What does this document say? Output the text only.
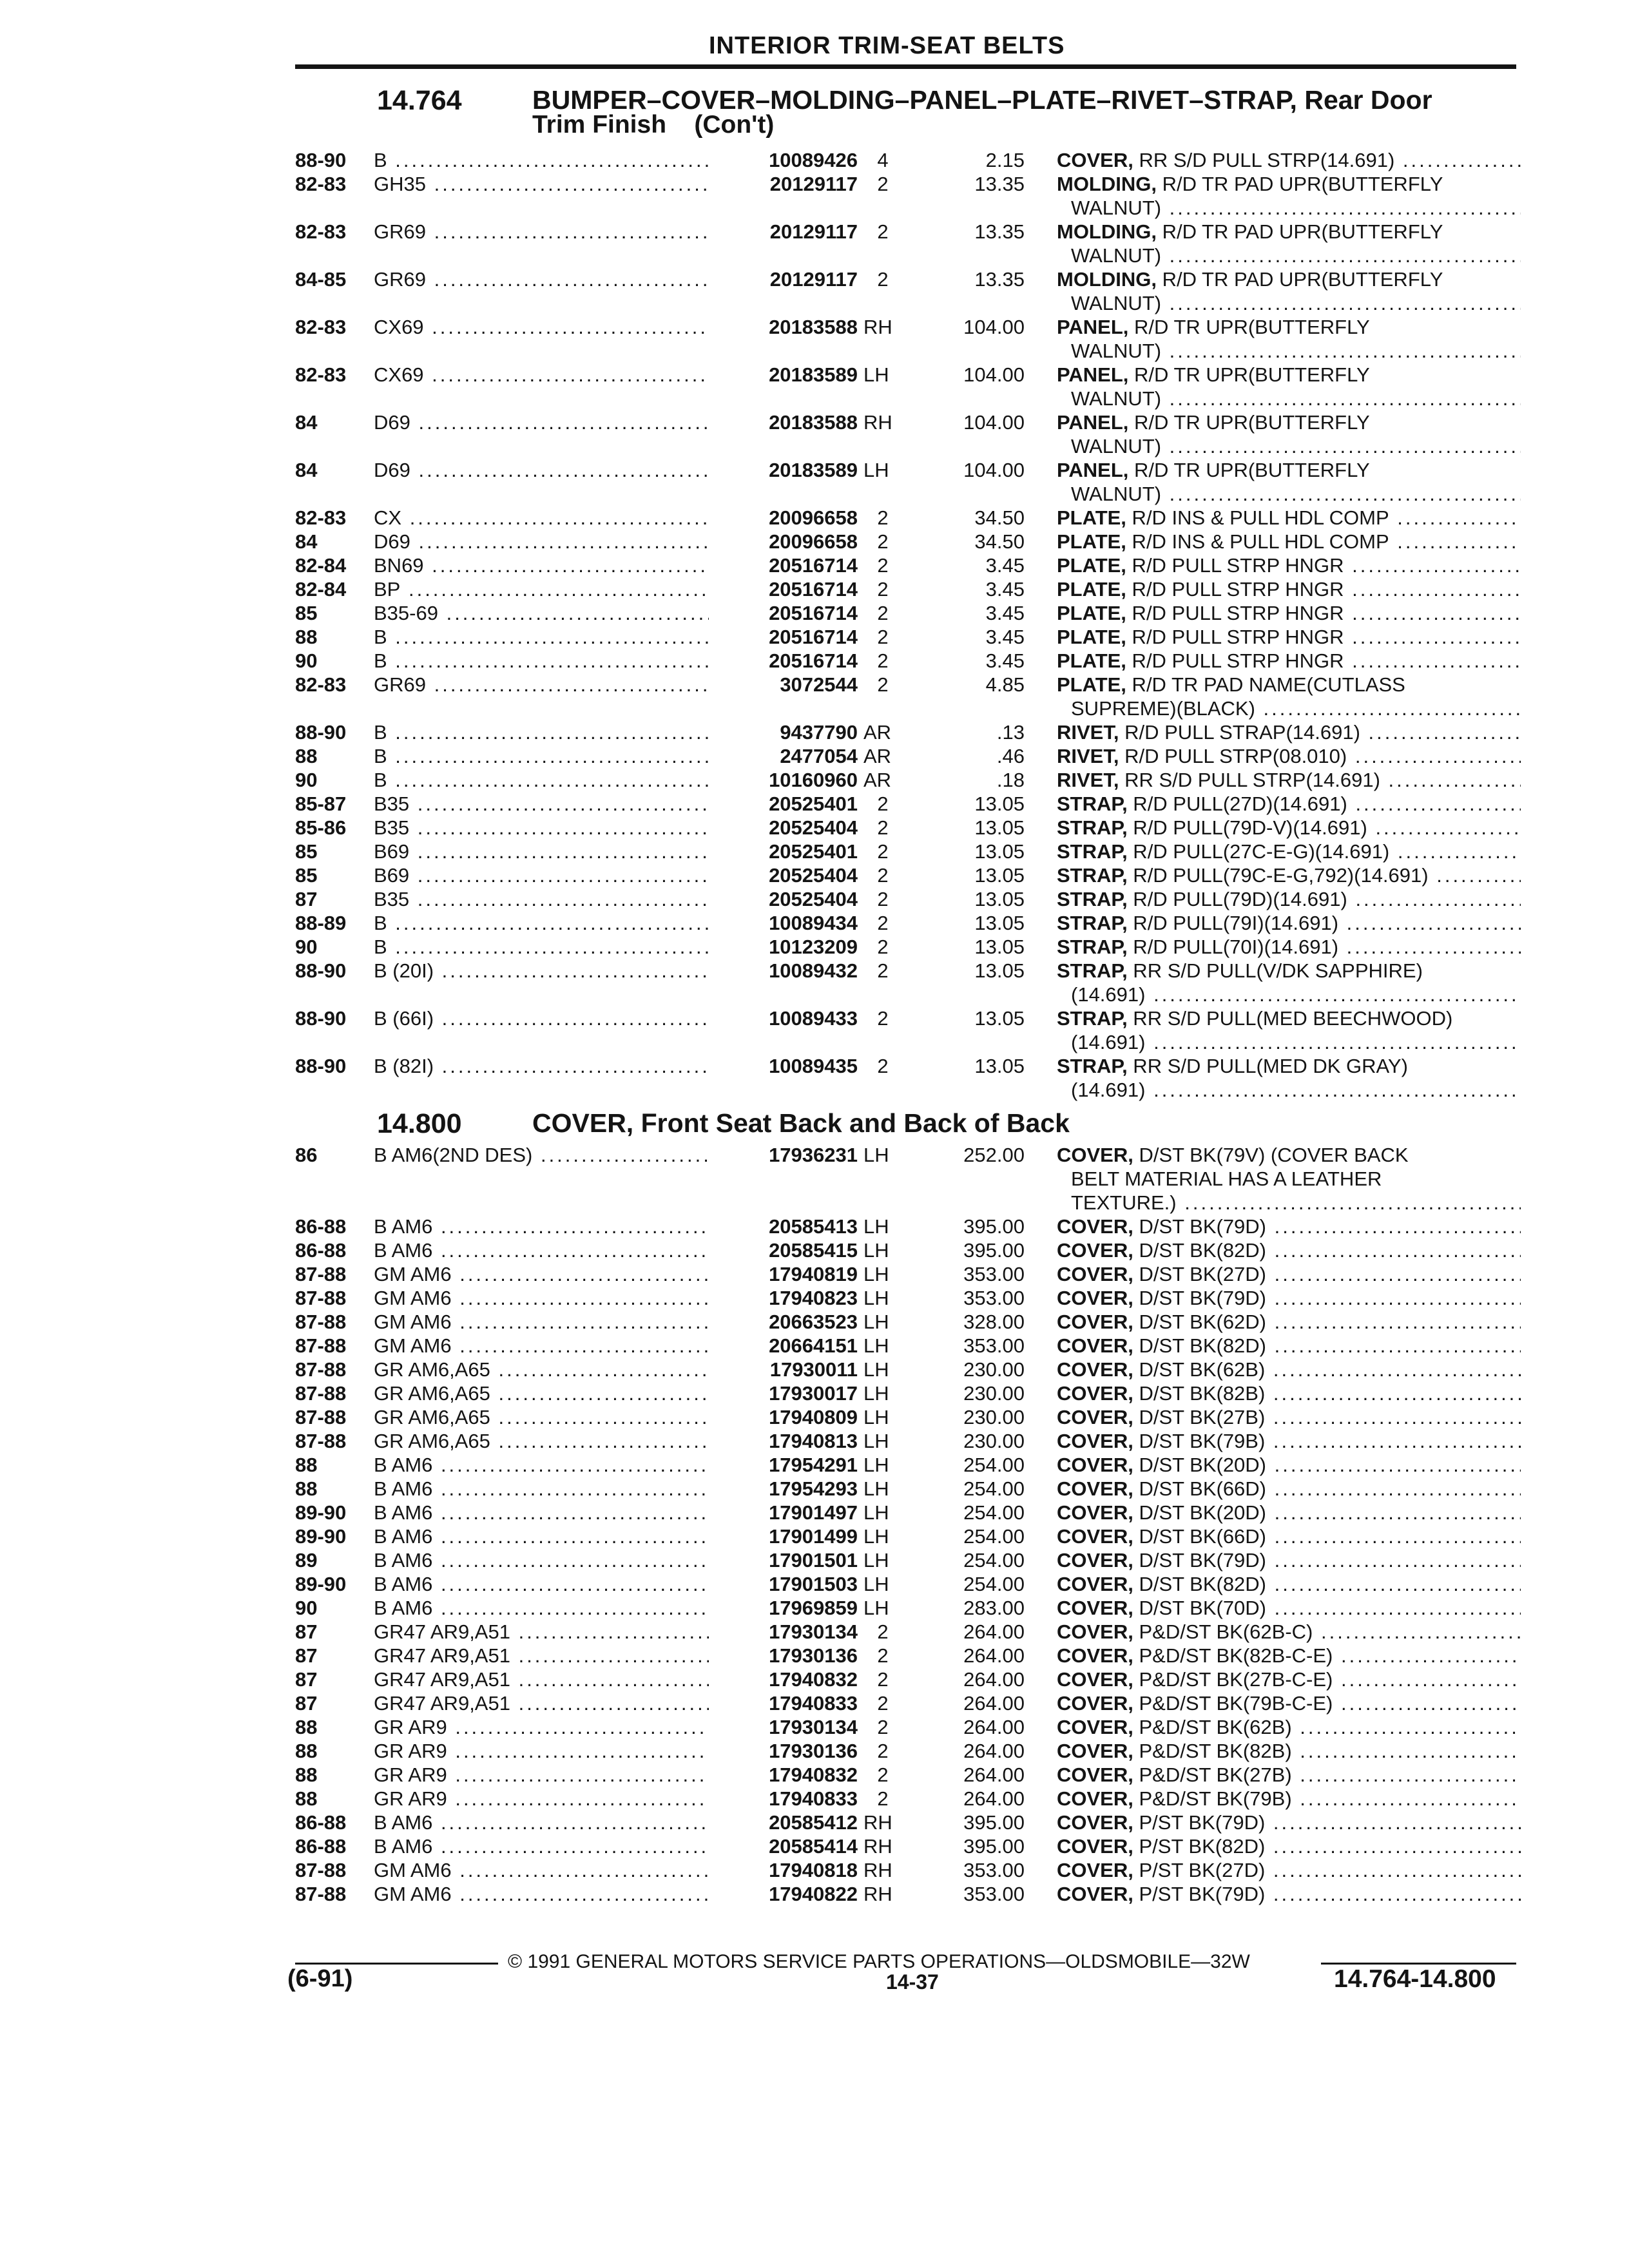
INTERIOR TRIM-SEAT BELTS
14.764	BUMPER–COVER–MOLDING–PANEL–PLATE–RIVET–STRAP, Rear Door
Trim Finish    (Con't)
14.800	COVER, Front Seat Back and Back of Back
88-90 B .....	10089426 4	2.15 COVER, RR S/D PULL STRP(14.691) .....
82-83 GH35 .....	20129117 2	13.35 MOLDING, R/D TR PAD UPR(BUTTERFLY
WALNUT) .....
82-83 GR69 .....	20129117 2	13.35 MOLDING, R/D TR PAD UPR(BUTTERFLY
WALNUT) .....
84-85 GR69 .....	20129117 2	13.35 MOLDING, R/D TR PAD UPR(BUTTERFLY
WALNUT) .....
82-83 CX69 .....	20183588 RH	104.00 PANEL, R/D TR UPR(BUTTERFLY
WALNUT) .....
82-83 CX69 .....	20183589 LH	104.00 PANEL, R/D TR UPR(BUTTERFLY
WALNUT) .....
84	D69 .....	20183588 RH	104.00 PANEL, R/D TR UPR(BUTTERFLY
WALNUT) .....
84	D69 .....	20183589 LH	104.00 PANEL, R/D TR UPR(BUTTERFLY
WALNUT) .....
82-83 CX .....	20096658 2	34.50 PLATE, R/D INS & PULL HDL COMP .....
84	D69 .....	20096658 2	34.50 PLATE, R/D INS & PULL HDL COMP .....
82-84 BN69 .....	20516714 2	3.45 PLATE, R/D PULL STRP HNGR .....
82-84 BP .....	20516714 2	3.45 PLATE, R/D PULL STRP HNGR .....
85	B35-69 .....	20516714 2	3.45 PLATE, R/D PULL STRP HNGR .....
88	B .....	20516714 2	3.45 PLATE, R/D PULL STRP HNGR .....
90	B .....	20516714 2	3.45 PLATE, R/D PULL STRP HNGR .....
82-83 GR69 .....	3072544 2	4.85 PLATE, R/D TR PAD NAME(CUTLASS
SUPREME)(BLACK) .....
88-90 B .....	9437790 AR	.13 RIVET, R/D PULL STRAP(14.691) .....
88	B .....	2477054 AR	.46 RIVET, R/D PULL STRP(08.010) .....
90	B .....	10160960 AR	.18 RIVET, RR S/D PULL STRP(14.691) .....
85-87 B35 .....	20525401 2	13.05 STRAP, R/D PULL(27D)(14.691) .....
85-86 B35 .....	20525404 2	13.05 STRAP, R/D PULL(79D-V)(14.691) .....
85	B69 .....	20525401 2	13.05 STRAP, R/D PULL(27C-E-G)(14.691) .....
85	B69 .....	20525404 2	13.05 STRAP, R/D PULL(79C-E-G,792)(14.691) .....
87	B35 .....	20525404 2	13.05 STRAP, R/D PULL(79D)(14.691) .....
88-89 B .....	10089434 2	13.05 STRAP, R/D PULL(79I)(14.691) .....
90	B .....	10123209 2	13.05 STRAP, R/D PULL(70I)(14.691) .....
88-90 B (20I) .....	10089432 2	13.05 STRAP, RR S/D PULL(V/DK SAPPHIRE)
(14.691) .....
88-90 B (66I) .....	10089433 2	13.05 STRAP, RR S/D PULL(MED BEECHWOOD)
(14.691) .....
88-90 B (82I) .....	10089435 2	13.05 STRAP, RR S/D PULL(MED DK GRAY)
(14.691) .....
86	B AM6(2ND DES) .....	17936231 LH	252.00 COVER, D/ST BK(79V) (COVER BACK
BELT MATERIAL HAS A LEATHER
TEXTURE.) .....
86-88 B AM6 .....	20585413 LH	395.00 COVER, D/ST BK(79D) .....
86-88 B AM6 .....	20585415 LH	395.00 COVER, D/ST BK(82D) .....
87-88 GM AM6 .....	17940819 LH	353.00 COVER, D/ST BK(27D) .....
87-88 GM AM6 .....	17940823 LH	353.00 COVER, D/ST BK(79D) .....
87-88 GM AM6 .....	20663523 LH	328.00 COVER, D/ST BK(62D) .....
87-88 GM AM6 .....	20664151 LH	353.00 COVER, D/ST BK(82D) .....
87-88 GR AM6,A65 .....	17930011 LH	230.00 COVER, D/ST BK(62B) .....
87-88 GR AM6,A65 .....	17930017 LH	230.00 COVER, D/ST BK(82B) .....
87-88 GR AM6,A65 .....	17940809 LH	230.00 COVER, D/ST BK(27B) .....
87-88 GR AM6,A65 .....	17940813 LH	230.00 COVER, D/ST BK(79B) .....
88	B AM6 .....	17954291 LH	254.00 COVER, D/ST BK(20D) .....
88	B AM6 .....	17954293 LH	254.00 COVER, D/ST BK(66D) .....
89-90 B AM6 .....	17901497 LH	254.00 COVER, D/ST BK(20D) .....
89-90 B AM6 .....	17901499 LH	254.00 COVER, D/ST BK(66D) .....
89	B AM6 .....	17901501 LH	254.00 COVER, D/ST BK(79D) .....
89-90 B AM6 .....	17901503 LH	254.00 COVER, D/ST BK(82D) .....
90	B AM6 .....	17969859 LH	283.00 COVER, D/ST BK(70D) .....
87	GR47 AR9,A51 .....	17930134 2	264.00 COVER, P&D/ST BK(62B-C) .....
87	GR47 AR9,A51 .....	17930136 2	264.00 COVER, P&D/ST BK(82B-C-E) .....
87	GR47 AR9,A51 .....	17940832 2	264.00 COVER, P&D/ST BK(27B-C-E) .....
87	GR47 AR9,A51 .....	17940833 2	264.00 COVER, P&D/ST BK(79B-C-E) .....
88	GR AR9 .....	17930134 2	264.00 COVER, P&D/ST BK(62B) .....
88	GR AR9 .....	17930136 2	264.00 COVER, P&D/ST BK(82B) .....
88	GR AR9 .....	17940832 2	264.00 COVER, P&D/ST BK(27B) .....
88	GR AR9 .....	17940833 2	264.00 COVER, P&D/ST BK(79B) .....
86-88 B AM6 .....	20585412 RH	395.00 COVER, P/ST BK(79D) .....
86-88 B AM6 .....	20585414 RH	395.00 COVER, P/ST BK(82D) .....
87-88 GM AM6 .....	17940818 RH	353.00 COVER, P/ST BK(27D) .....
87-88 GM AM6 .....	17940822 RH	353.00 COVER, P/ST BK(79D) .....
© 1991 GENERAL MOTORS SERVICE PARTS OPERATIONS—OLDSMOBILE—32W
(6-91)	14-37	14.764-14.800
